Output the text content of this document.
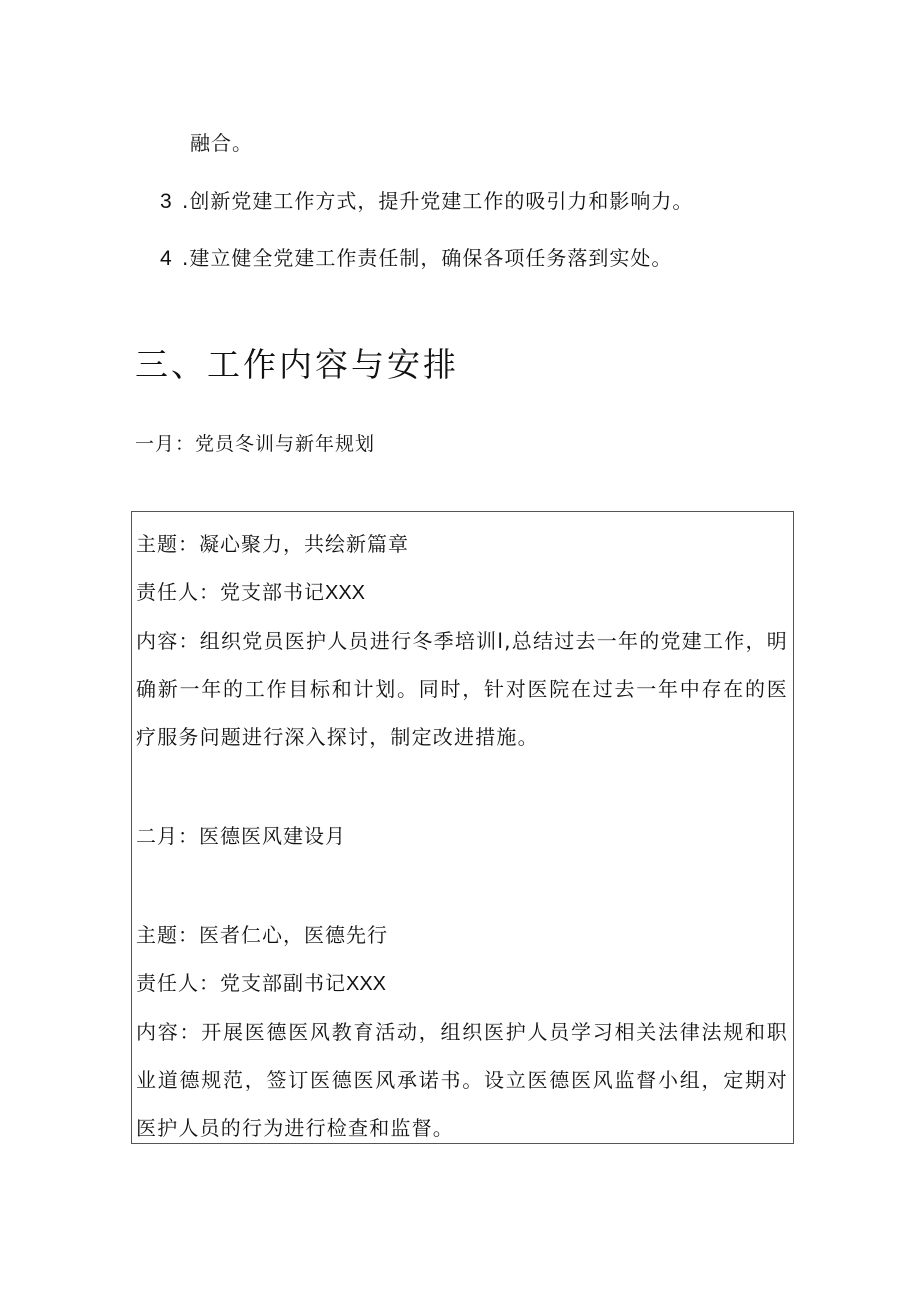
融合。
3 .创新党建工作方式，提升党建工作的吸引力和影响力。
4 .建立健全党建工作责任制，确保各项任务落到实处。
三、工作内容与安排
一月：党员冬训与新年规划
主题：凝心聚力，共绘新篇章
责任人：党支部书记XXX
内容：组织党员医护人员进行冬季培训l,总结过去一年的党建工作，明确新一年的工作目标和计划。同时，针对医院在过去一年中存在的医疗服务问题进行深入探讨，制定改进措施。
二月：医德医风建设月
主题：医者仁心，医德先行
责任人：党支部副书记XXX
内容：开展医德医风教育活动，组织医护人员学习相关法律法规和职业道德规范，签订医德医风承诺书。设立医德医风监督小组，定期对医护人员的行为进行检查和监督。
